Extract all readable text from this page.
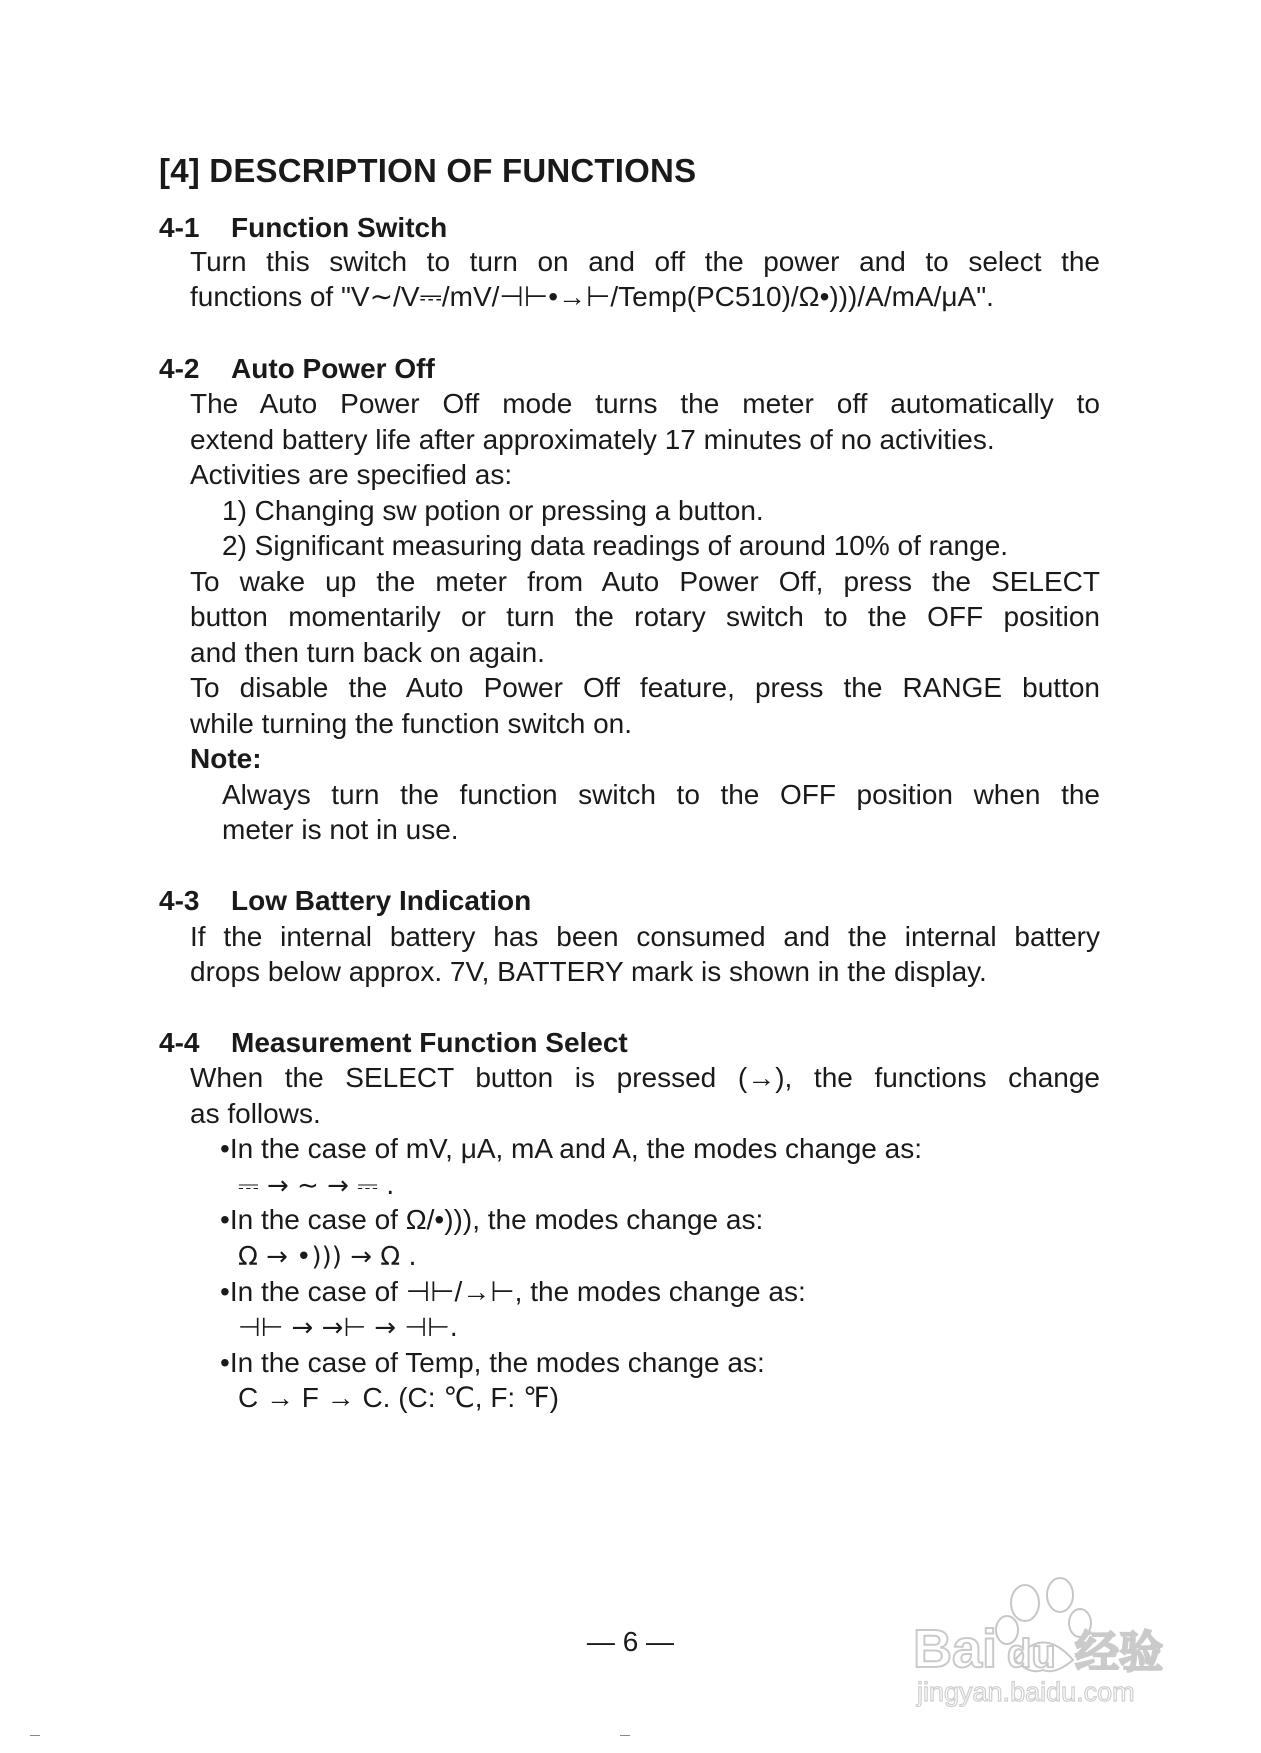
[4] DESCRIPTION OF FUNCTIONS
4-1 Function Switch

Turn this switch to turn on and off the power and to select the

functions of "V∼/V⎓/mV/⊣⊢•→⊢/Temp(PC510)/Ω•)))/A/mA/μA".

4-2 Auto Power Off

The Auto Power Off mode turns the meter off automatically to

extend battery life after approximately 17 minutes of no activities.

Activities are specified as:

1) Changing sw potion or pressing a button.

2) Significant measuring data readings of around 10% of range.

To wake up the meter from Auto Power Off, press the SELECT

button momentarily or turn the rotary switch to the OFF position

and then turn back on again.

To disable the Auto Power Off feature, press the RANGE button

while turning the function switch on.

Note:

Always turn the function switch to the OFF position when the

meter is not in use.

4-3 Low Battery Indication

If the internal battery has been consumed and the internal battery

drops below approx. 7V, BATTERY mark is shown in the display.

4-4 Measurement Function Select

When the SELECT button is pressed (→), the functions change

as follows.

•In the case of mV, μA, mA and A, the modes change as:
⎓ → ∼ → ⎓ .
•In the case of Ω/•))), the modes change as:
Ω → •))) → Ω .
•In the case of ⊣⊢/→⊢, the modes change as:
⊣⊢ → →⊢ → ⊣⊢.
•In the case of Temp, the modes change as:
C → F → C. (C: ℃, F: ℉)
— 6 —	Bai du 经验
jingyan.baidu.com
